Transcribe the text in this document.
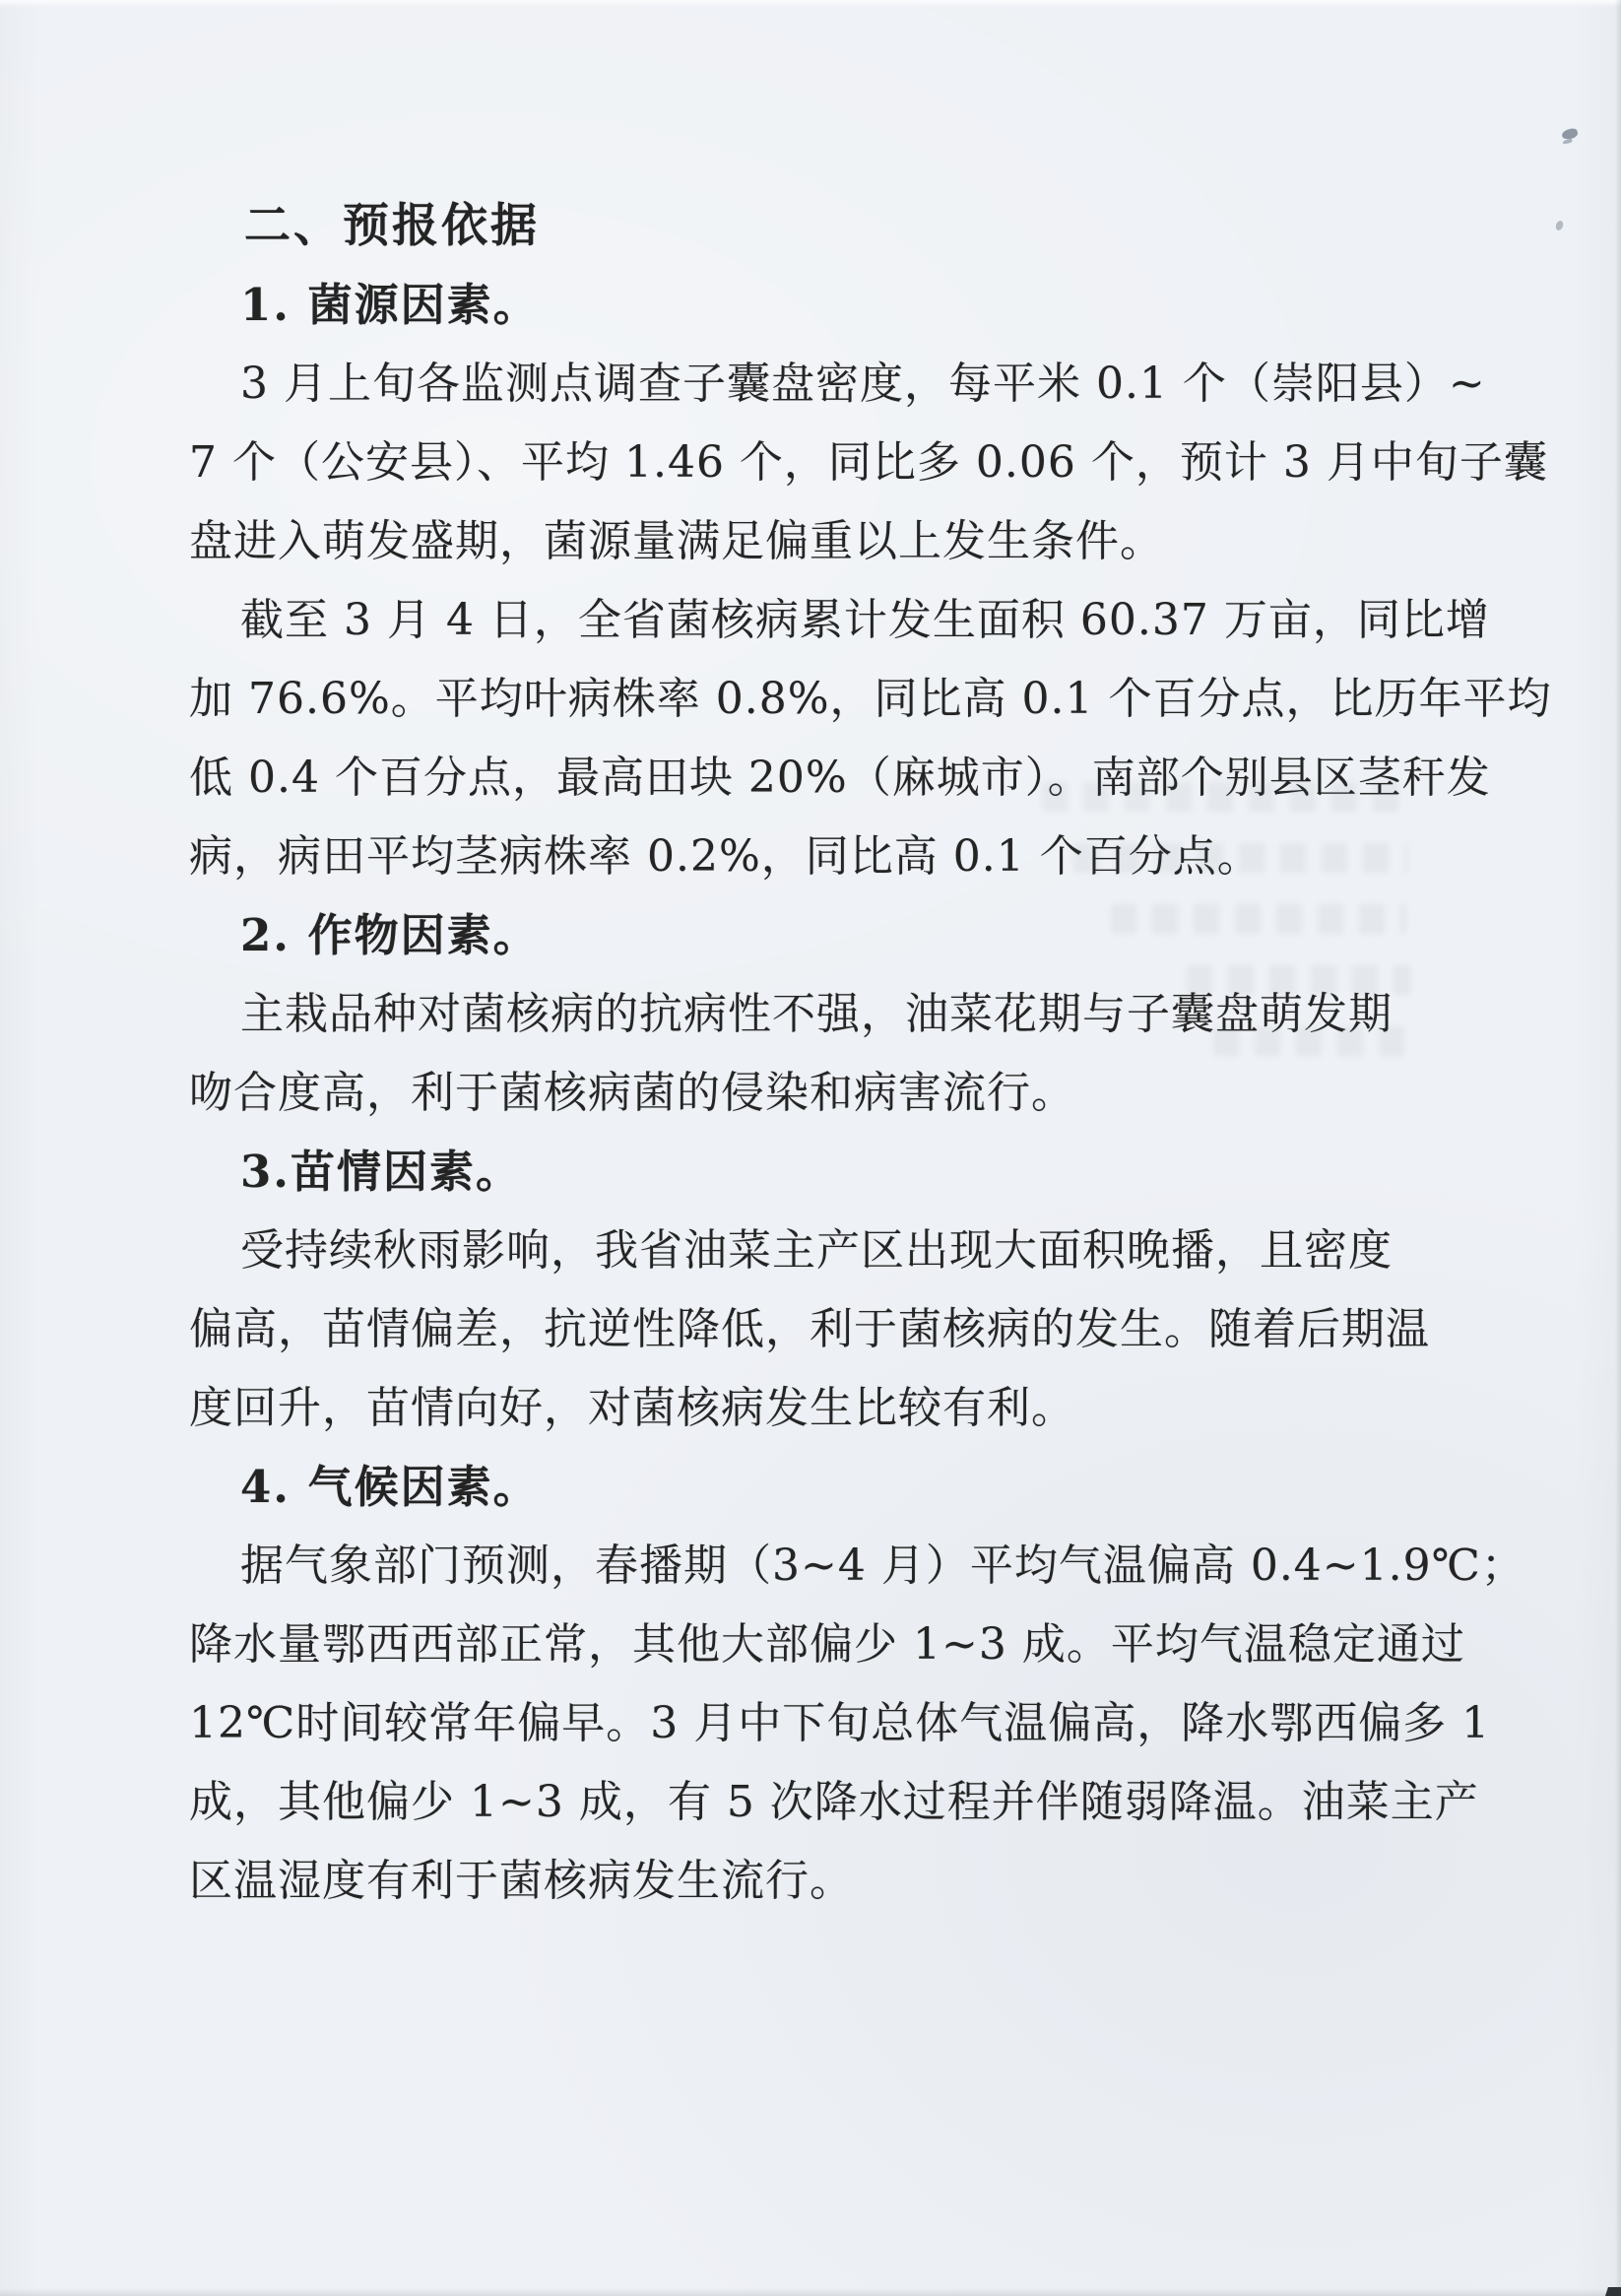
二、预报依据
1. 菌源因素。
3 月上旬各监测点调查子囊盘密度，每平米 0.1 个（崇阳县）~
7 个（公安县）、平均 1.46 个，同比多 0.06 个，预计 3 月中旬子囊
盘进入萌发盛期，菌源量满足偏重以上发生条件。
截至 3 月 4 日，全省菌核病累计发生面积 60.37 万亩，同比增
加 76.6%。平均叶病株率 0.8%，同比高 0.1 个百分点，比历年平均
低 0.4 个百分点，最高田块 20%（麻城市）。南部个别县区茎秆发
病，病田平均茎病株率 0.2%，同比高 0.1 个百分点。
2. 作物因素。
主栽品种对菌核病的抗病性不强，油菜花期与子囊盘萌发期
吻合度高，利于菌核病菌的侵染和病害流行。
3.苗情因素。
受持续秋雨影响，我省油菜主产区出现大面积晚播，且密度
偏高，苗情偏差，抗逆性降低，利于菌核病的发生。随着后期温
度回升，苗情向好，对菌核病发生比较有利。
4. 气候因素。
据气象部门预测，春播期（3~4 月）平均气温偏高 0.4~1.9℃；
降水量鄂西西部正常，其他大部偏少 1~3 成。平均气温稳定通过
12℃时间较常年偏早。3 月中下旬总体气温偏高，降水鄂西偏多 1
成，其他偏少 1~3 成，有 5 次降水过程并伴随弱降温。油菜主产
区温湿度有利于菌核病发生流行。
